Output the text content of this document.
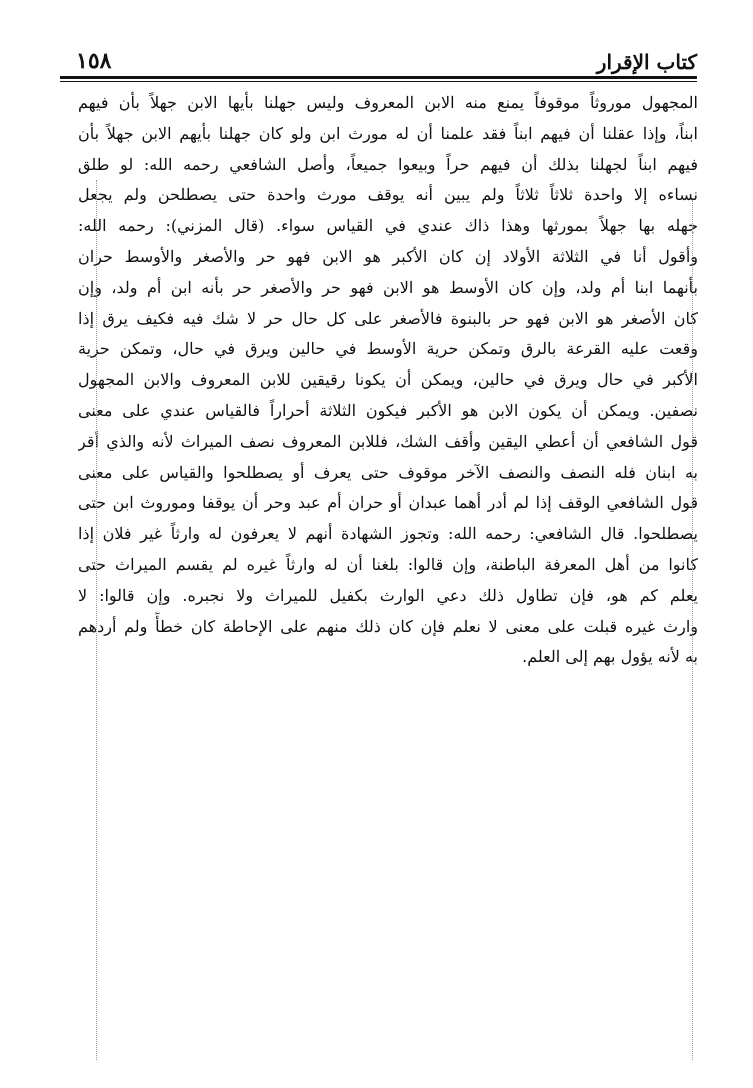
١٥٨	كتاب الإقرار
المجهول موروثاً موقوفاً يمنع منه الابن المعروف وليس جهلنا بأيها الابن جهلاً بأن فيهم
ابناً، وإذا عقلنا أن فيهم ابناً فقد علمنا أن له مورث ابن ولو كان جهلنا بأيهم الابن جهلاً بأن
فيهم ابناً لجهلنا بذلك أن فيهم حراً وبيعوا جميعاً، وأصل الشافعي رحمه الله: لو طلق
نساءه إلا واحدة ثلاثاً ثلاثاً ولم يبين أنه يوقف مورث واحدة حتى يصطلحن ولم يجعل
جهله بها جهلاً بمورثها وهذا ذاك عندي في القياس سواء. (قال المزني): رحمه الله:
وأقول أنا في الثلاثة الأولاد إن كان الأكبر هو الابن فهو حر والأصغر والأوسط حران
بأنهما ابنا أم ولد، وإن كان الأوسط هو الابن فهو حر والأصغر حر بأنه ابن أم ولد، وإن
كان الأصغر هو الابن فهو حر بالبنوة فالأصغر على كل حال حر لا شك فيه فكيف يرق إذا
وقعت عليه القرعة بالرق وتمكن حرية الأوسط في حالين ويرق في حال، وتمكن حرية
الأكبر في حال ويرق في حالين، ويمكن أن يكونا رقيقين للابن المعروف والابن المجهول
نصفين. ويمكن أن يكون الابن هو الأكبر فيكون الثلاثة أحراراً فالقياس عندي على معنى
قول الشافعي أن أعطي اليقين وأقف الشك، فللابن المعروف نصف الميراث لأنه والذي أقر
به ابنان فله النصف والنصف الآخر موقوف حتى يعرف أو يصطلحوا والقياس على معنى
قول الشافعي الوقف إذا لم أدر أهما عبدان أو حران أم عبد وحر أن يوقفا وموروث ابن حتى
يصطلحوا. قال الشافعي: رحمه الله: وتجوز الشهادة أنهم لا يعرفون له وارثاً غير فلان إذا
كانوا من أهل المعرفة الباطنة، وإن قالوا: بلغنا أن له وارثاً غيره لم يقسم الميراث حتى
يعلم كم هو، فإن تطاول ذلك دعي الوارث بكفيل للميراث ولا نجبره. وإن قالوا: لا
وارث غيره قبلت على معنى لا نعلم فإن كان ذلك منهم على الإحاطة كان خطأً ولم أردهم
به لأنه يؤول بهم إلى العلم.
